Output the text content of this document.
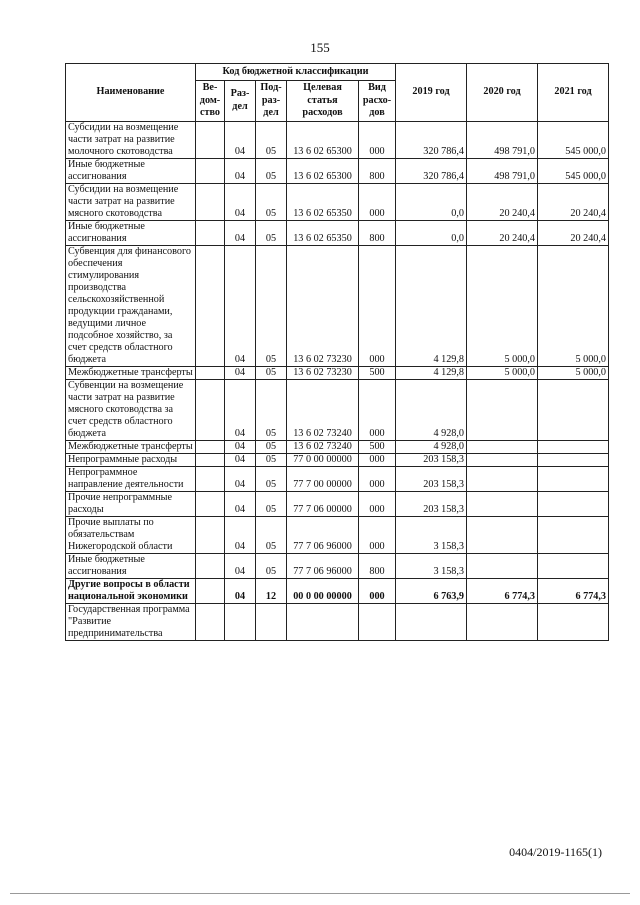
155
Наименование	Код бюджетной классификации					2019 год	2020 год	2021 год
	Ве-дом-ство	Раз-дел	Под-раз-дел	Целевая статья расходов	Вид расхо-дов			
Субсидии на возмещение части затрат на развитие молочного скотоводства		04	05	13 6 02 65300	000	320 786,4	498 791,0	545 000,0
Иные бюджетные ассигнования		04	05	13 6 02 65300	800	320 786,4	498 791,0	545 000,0
Субсидии на возмещение части затрат на развитие мясного скотоводства		04	05	13 6 02 65350	000	0,0	20 240,4	20 240,4
Иные бюджетные ассигнования		04	05	13 6 02 65350	800	0,0	20 240,4	20 240,4
Субвенция для финансового обеспечения стимулирования производства сельскохозяйственной продукции гражданами, ведущими личное подсобное хозяйство, за счет средств областного бюджета		04	05	13 6 02 73230	000	4 129,8	5 000,0	5 000,0
Межбюджетные трансферты		04	05	13 6 02 73230	500	4 129,8	5 000,0	5 000,0
Субвенции на возмещение части затрат на развитие мясного скотоводства за счет средств областного бюджета		04	05	13 6 02 73240	000	4 928,0		
Межбюджетные трансферты		04	05	13 6 02 73240	500	4 928,0		
Непрограммные расходы		04	05	77 0 00 00000	000	203 158,3		
Непрограммное направление деятельности		04	05	77 7 00 00000	000	203 158,3		
Прочие непрограммные расходы		04	05	77 7 06 00000	000	203 158,3		
Прочие выплаты по обязательствам Нижегородской области		04	05	77 7 06 96000	000	3 158,3		
Иные бюджетные ассигнования		04	05	77 7 06 96000	800	3 158,3		
Другие вопросы в области национальной экономики		04	12	00 0 00 00000	000	6 763,9	6 774,3	6 774,3
Государственная программа "Развитие предпринимательства								
0404/2019-1165(1)
